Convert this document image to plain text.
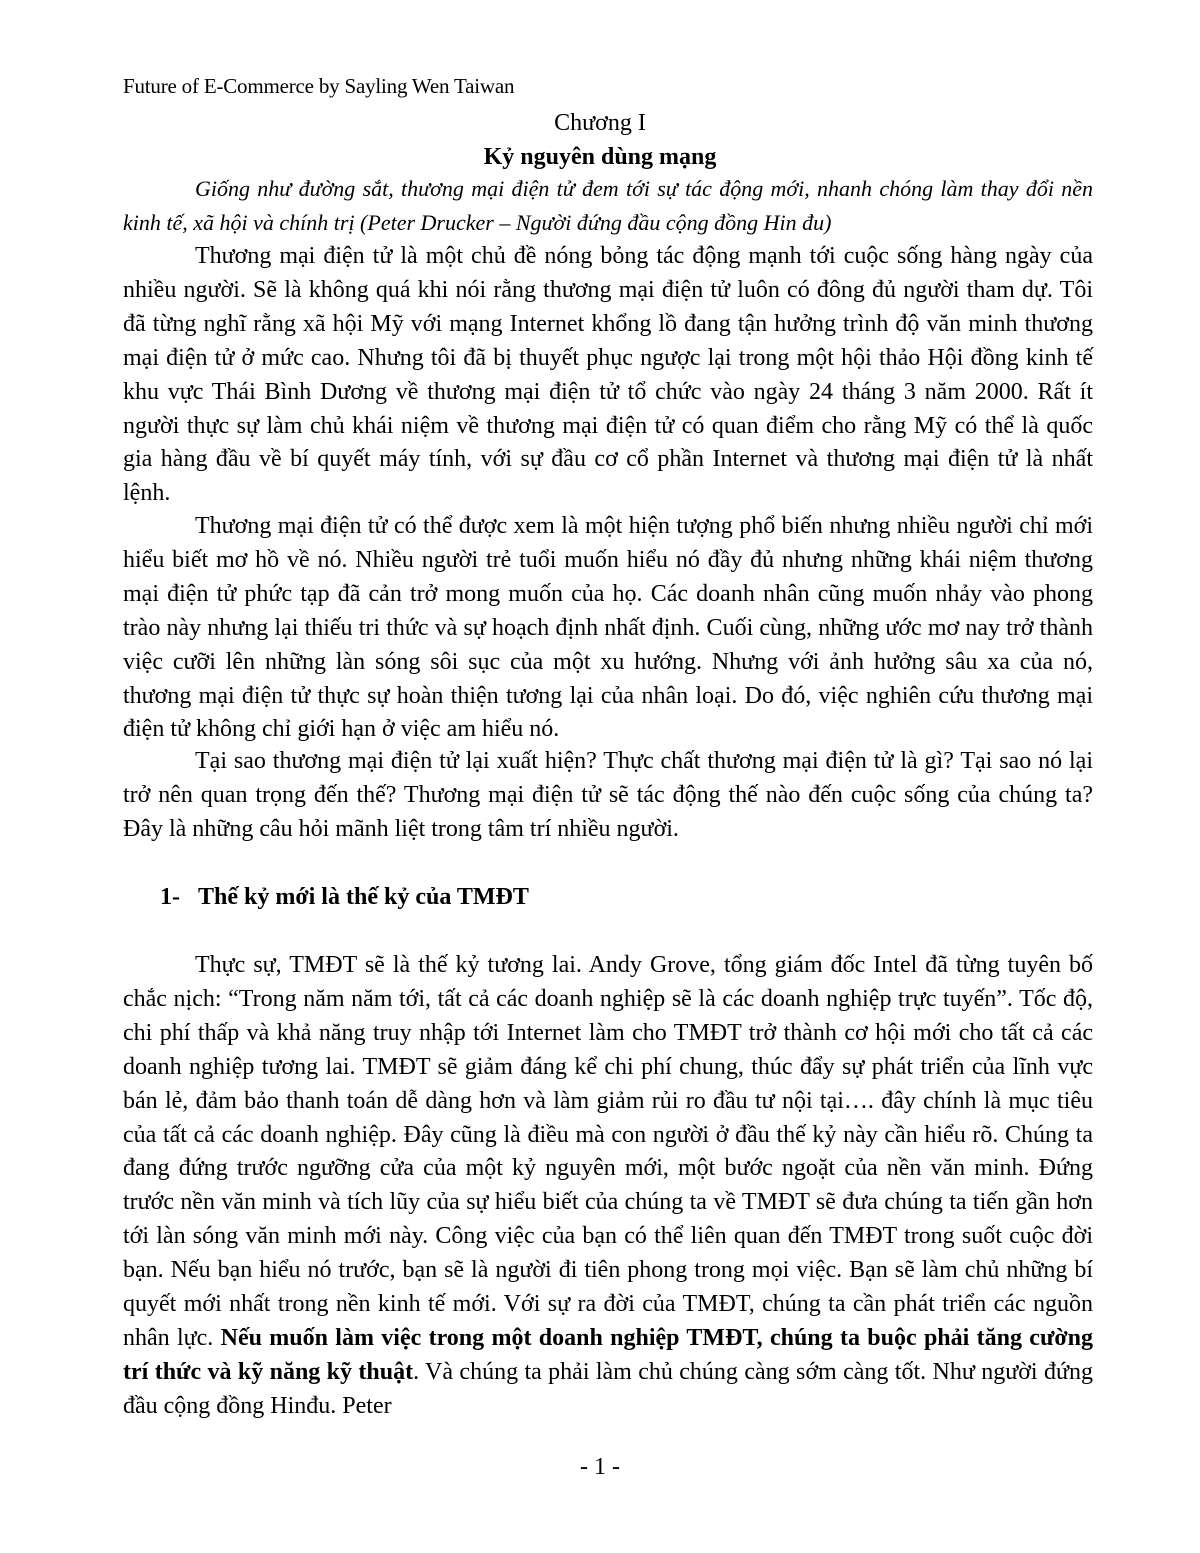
Future of E-Commerce by Sayling Wen Taiwan
Chương I
Kỷ nguyên dùng mạng
Giống như đường sắt, thương mại điện tử đem tới sự tác động mới, nhanh chóng làm thay đổi nền kinh tế, xã hội và chính trị (Peter Drucker – Người đứng đầu cộng đồng Hin đu)
Thương mại điện tử là một chủ đề nóng bỏng tác động mạnh tới cuộc sống hàng ngày của nhiều người. Sẽ là không quá khi nói rằng thương mại điện tử luôn có đông đủ người tham dự. Tôi đã từng nghĩ rằng xã hội Mỹ với mạng Internet khổng lồ đang tận hưởng trình độ văn minh thương mại điện tử ở mức cao. Nhưng tôi đã bị thuyết phục ngược lại trong một hội thảo Hội đồng kinh tế khu vực Thái Bình Dương về thương mại điện tử tổ chức vào ngày 24 tháng 3 năm 2000. Rất ít người thực sự làm chủ khái niệm về thương mại điện tử có quan điểm cho rằng Mỹ có thể là quốc gia hàng đầu về bí quyết máy tính, với sự đầu cơ cổ phần Internet và thương mại điện tử là nhất lệnh.
Thương mại điện tử có thể được xem là một hiện tượng phổ biến nhưng nhiều người chỉ mới hiểu biết mơ hồ về nó. Nhiều người trẻ tuổi muốn hiểu nó đầy đủ nhưng những khái niệm thương mại điện tử phức tạp đã cản trở mong muốn của họ. Các doanh nhân cũng muốn nhảy vào phong trào này nhưng lại thiếu tri thức và sự hoạch định nhất định. Cuối cùng, những ước mơ nay trở thành việc cưỡi lên những làn sóng sôi sục của một xu hướng. Nhưng với ảnh hưởng sâu xa của nó, thương mại điện tử thực sự hoàn thiện tương lại của nhân loại. Do đó, việc nghiên cứu thương mại điện tử không chỉ giới hạn ở việc am hiểu nó.
Tại sao thương mại điện tử lại xuất hiện? Thực chất thương mại điện tử là gì? Tại sao nó lại trở nên quan trọng đến thế? Thương mại điện tử sẽ tác động thế nào đến cuộc sống của chúng ta? Đây là những câu hỏi mãnh liệt trong tâm trí nhiều người.
1- Thế kỷ mới là thế kỷ của TMĐT
Thực sự, TMĐT sẽ là thế kỷ tương lai. Andy Grove, tổng giám đốc Intel đã từng tuyên bố chắc nịch: “Trong năm năm tới, tất cả các doanh nghiệp sẽ là các doanh nghiệp trực tuyến”. Tốc độ, chi phí thấp và khả năng truy nhập tới Internet làm cho TMĐT trở thành cơ hội mới cho tất cả các doanh nghiệp tương lai. TMĐT sẽ giảm đáng kể chi phí chung, thúc đẩy sự phát triển của lĩnh vực bán lẻ, đảm bảo thanh toán dễ dàng hơn và làm giảm rủi ro đầu tư nội tại…. đây chính là mục tiêu của tất cả các doanh nghiệp. Đây cũng là điều mà con người ở đầu thế kỷ này cần hiểu rõ. Chúng ta đang đứng trước ngưỡng cửa của một kỷ nguyên mới, một bước ngoặt của nền văn minh. Đứng trước nền văn minh và tích lũy của sự hiểu biết của chúng ta về TMĐT sẽ đưa chúng ta tiến gần hơn tới làn sóng văn minh mới này. Công việc của bạn có thể liên quan đến TMĐT trong suốt cuộc đời bạn. Nếu bạn hiểu nó trước, bạn sẽ là người đi tiên phong trong mọi việc. Bạn sẽ làm chủ những bí quyết mới nhất trong nền kinh tế mới. Với sự ra đời của TMĐT, chúng ta cần phát triển các nguồn nhân lực. Nếu muốn làm việc trong một doanh nghiệp TMĐT, chúng ta buộc phải tăng cường trí thức và kỹ năng kỹ thuật. Và chúng ta phải làm chủ chúng càng sớm càng tốt. Như người đứng đầu cộng đồng Hinđu. Peter
- 1 -
